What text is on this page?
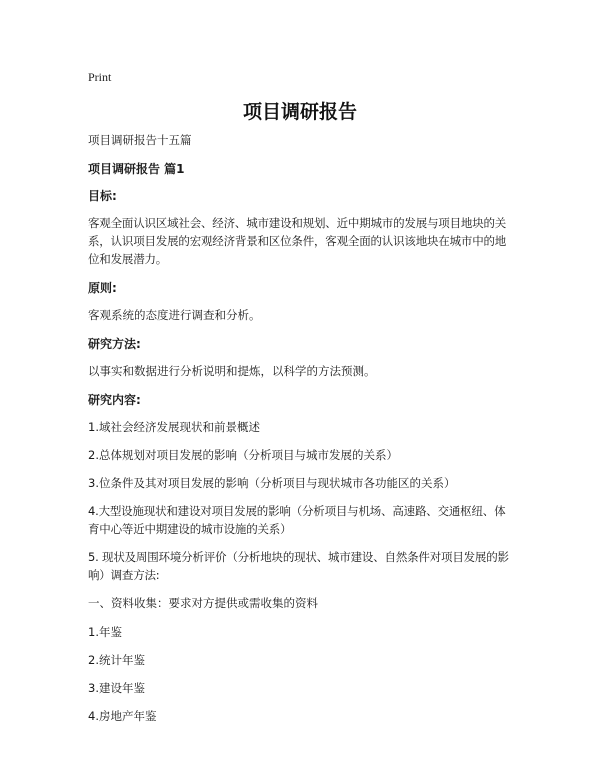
Print
项目调研报告

项目调研报告十五篇

项目调研报告 篇1

目标:

客观全面认识区域社会、经济、城市建设和规划、近中期城市的发展与项目地块的关系，认识项目发展的宏观经济背景和区位条件，客观全面的认识该地块在城市中的地位和发展潜力。

原则:

客观系统的态度进行调查和分析。

研究方法:

以事实和数据进行分析说明和提炼，以科学的方法预测。

研究内容:

1.域社会经济发展现状和前景概述

2.总体规划对项目发展的影响（分析项目与城市发展的关系）

3.位条件及其对项目发展的影响（分析项目与现状城市各功能区的关系）

4.大型设施现状和建设对项目发展的影响（分析项目与机场、高速路、交通枢纽、体育中心等近中期建设的城市设施的关系）

5. 现状及周围环境分析评价（分析地块的现状、城市建设、自然条件对项目发展的影响）调查方法:

一、资料收集：要求对方提供或需收集的资料

1.年鉴

2.统计年鉴

3.建设年鉴

4.房地产年鉴
